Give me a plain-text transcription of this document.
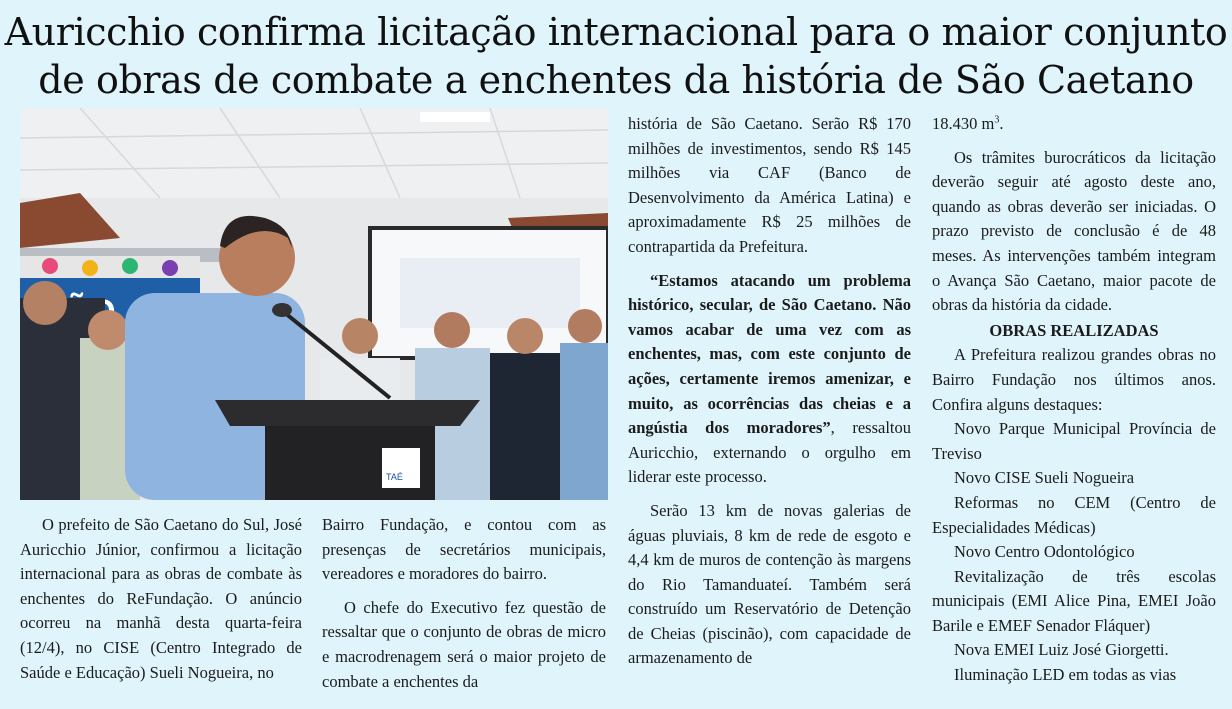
Auricchio confirma licitação internacional para o maior conjunto
de obras de combate a enchentes da história de São Caetano
TAÉ

O prefeito de São Caetano do Sul, José Auricchio Júnior, confirmou a licitação internacional para as obras de combate às enchentes do ReFundação. O anúncio ocorreu na manhã desta quarta-feira (12/4), no CISE (Centro Integrado de Saúde e Educação) Sueli Nogueira, no

Bairro Fundação, e contou com as presenças de secretários municipais, vereadores e moradores do bairro.

O chefe do Executivo fez questão de ressaltar que o conjunto de obras de micro e macrodrenagem será o maior projeto de combate a enchentes da

história de São Caetano. Serão R$ 170 milhões de investimentos, sendo R$ 145 milhões via CAF (Banco de Desenvolvimento da América Latina) e aproximadamente R$ 25 milhões de contrapartida da Prefeitura.

“Estamos atacando um problema histórico, secular, de São Caetano. Não vamos acabar de uma vez com as enchentes, mas, com este conjunto de ações, certamente iremos amenizar, e muito, as ocorrências das cheias e a angústia dos moradores”, ressaltou Auricchio, externando o orgulho em liderar este processo.

Serão 13 km de novas galerias de águas pluviais, 8 km de rede de esgoto e 4,4 km de muros de contenção às margens do Rio Tamanduateí. Também será construído um Reservatório de Detenção de Cheias (piscinão), com capacidade de armazenamento de

18.430 $m^3$.

Os trâmites burocráticos da licitação deverão seguir até agosto deste ano, quando as obras deverão ser iniciadas. O prazo previsto de conclusão é de 48 meses. As intervenções também integram o Avança São Caetano, maior pacote de obras da história da cidade.

OBRAS REALIZADAS

A Prefeitura realizou grandes obras no Bairro Fundação nos últimos anos. Confira alguns destaques:

Novo Parque Municipal Província de Treviso

Novo CISE Sueli Nogueira

Reformas no CEM (Centro de Especialidades Médicas)

Novo Centro Odontológico

Revitalização de três escolas municipais (EMI Alice Pina, EMEI João Barile e EMEF Senador Fláquer)

Nova EMEI Luiz José Giorgetti.

Iluminação LED em todas as vias
